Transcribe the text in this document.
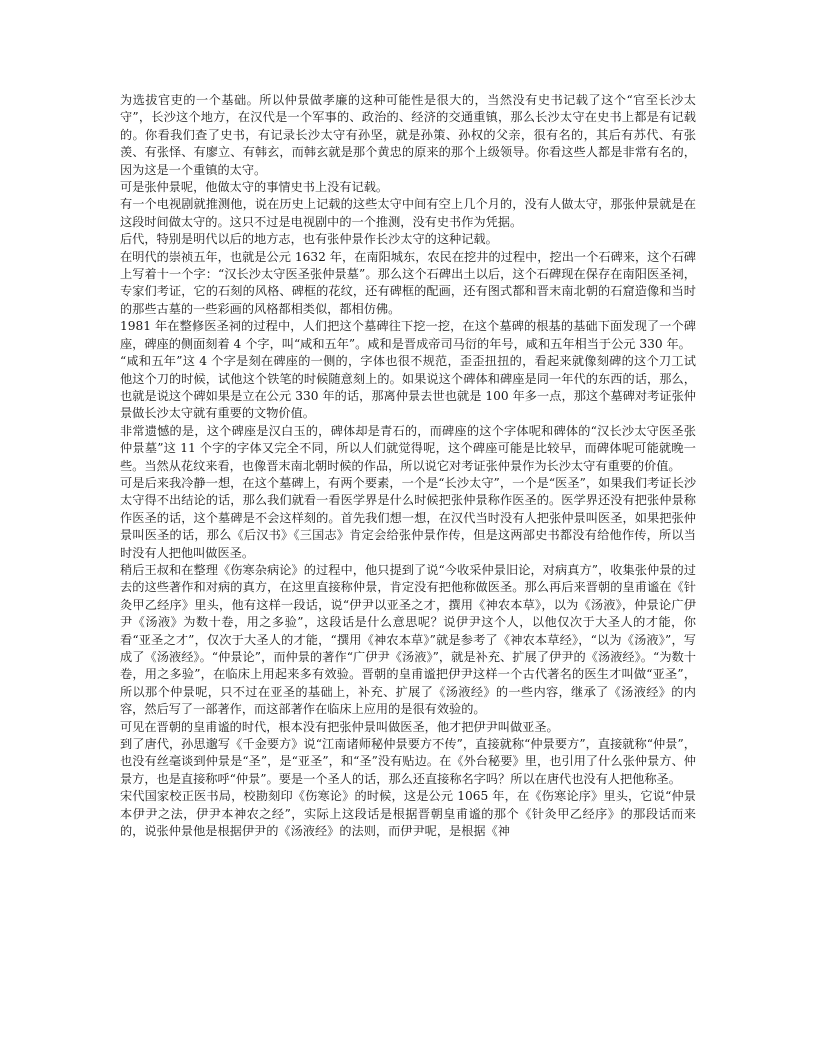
为选拔官吏的一个基础。所以仲景做孝廉的这种可能性是很大的，当然没有史书记载了这个“官至长沙太守”，长沙这个地方，在汉代是一个军事的、政治的、经济的交通重镇，那么长沙太守在史书上都是有记载的。你看我们查了史书，有记录长沙太守有孙坚，就是孙策、孙权的父亲，很有名的，其后有苏代、有张羡、有张怿、有廖立、有韩玄，而韩玄就是那个黄忠的原来的那个上级领导。你看这些人都是非常有名的，因为这是一个重镇的太守。

可是张仲景呢，他做太守的事情史书上没有记载。

有一个电视剧就推测他，说在历史上记载的这些太守中间有空上几个月的，没有人做太守，那张仲景就是在这段时间做太守的。这只不过是电视剧中的一个推测，没有史书作为凭据。

后代，特别是明代以后的地方志，也有张仲景作长沙太守的这种记载。

在明代的崇祯五年，也就是公元 1632 年，在南阳城东，农民在挖井的过程中，挖出一个石碑来，这个石碑上写着十一个字：“汉长沙太守医圣张仲景墓”。那么这个石碑出土以后，这个石碑现在保存在南阳医圣祠，专家们考证，它的石刻的风格、碑框的花纹，还有碑框的配画，还有图式都和晋末南北朝的石窟造像和当时的那些古墓的一些彩画的风格都相类似，都相仿佛。

1981 年在整修医圣祠的过程中，人们把这个墓碑往下挖一挖，在这个墓碑的根基的基础下面发现了一个碑座，碑座的侧面刻着 4 个字，叫“咸和五年”。咸和是晋成帝司马衍的年号，咸和五年相当于公元 330 年。

“咸和五年”这 4 个字是刻在碑座的一侧的，字体也很不规范，歪歪扭扭的，看起来就像刻碑的这个刀工试他这个刀的时候，试他这个铁笔的时候随意刻上的。如果说这个碑体和碑座是同一年代的东西的话，那么，也就是说这个碑如果是立在公元 330 年的话，那离仲景去世也就是 100 年多一点，那这个墓碑对考证张仲景做长沙太守就有重要的文物价值。

非常遗憾的是，这个碑座是汉白玉的，碑体却是青石的，而碑座的这个字体呢和碑体的“汉长沙太守医圣张仲景墓”这 11 个字的字体又完全不同，所以人们就觉得呢，这个碑座可能是比较早，而碑体呢可能就晚一些。当然从花纹来看，也像晋末南北朝时候的作品，所以说它对考证张仲景作为长沙太守有重要的价值。

可是后来我冷静一想，在这个墓碑上，有两个要素，一个是“长沙太守”，一个是“医圣”，如果我们考证长沙太守得不出结论的话，那么我们就看一看医学界是什么时候把张仲景称作医圣的。医学界还没有把张仲景称作医圣的话，这个墓碑是不会这样刻的。首先我们想一想，在汉代当时没有人把张仲景叫医圣，如果把张仲景叫医圣的话，那么《后汉书》《三国志》肯定会给张仲景作传，但是这两部史书都没有给他作传，所以当时没有人把他叫做医圣。

稍后王叔和在整理《伤寒杂病论》的过程中，他只提到了说“今收采仲景旧论，对病真方”，收集张仲景的过去的这些著作和对病的真方，在这里直接称仲景，肯定没有把他称做医圣。那么再后来晋朝的皇甫谧在《针灸甲乙经序》里头，他有这样一段话，说“伊尹以亚圣之才，撰用《神农本草》，以为《汤液》，仲景论广伊尹《汤液》为数十卷，用之多验”，这段话是什么意思呢？说伊尹这个人，以他仅次于大圣人的才能，你看“亚圣之才”，仅次于大圣人的才能，“撰用《神农本草》”就是参考了《神农本草经》，“以为《汤液》”，写成了《汤液经》。“仲景论”，而仲景的著作“广伊尹《汤液》”，就是补充、扩展了伊尹的《汤液经》。“为数十卷，用之多验”，在临床上用起来多有效验。晋朝的皇甫谧把伊尹这样一个古代著名的医生才叫做“亚圣”，所以那个仲景呢，只不过在亚圣的基础上，补充、扩展了《汤液经》的一些内容，继承了《汤液经》的内容，然后写了一部著作，而这部著作在临床上应用的是很有效验的。

可见在晋朝的皇甫谧的时代，根本没有把张仲景叫做医圣，他才把伊尹叫做亚圣。

到了唐代，孙思邈写《千金要方》说“江南诸师秘仲景要方不传”，直接就称“仲景要方”，直接就称“仲景”，也没有丝毫谈到仲景是“圣”，是“亚圣”，和“圣”没有贴边。在《外台秘要》里，也引用了什么张仲景方、仲景方，也是直接称呼“仲景”。要是一个圣人的话，那么还直接称名字吗？所以在唐代也没有人把他称圣。

宋代国家校正医书局，校勘刻印《伤寒论》的时候，这是公元 1065 年，在《伤寒论序》里头，它说“仲景本伊尹之法，伊尹本神农之经”，实际上这段话是根据晋朝皇甫谧的那个《针灸甲乙经序》的那段话而来的，说张仲景他是根据伊尹的《汤液经》的法则，而伊尹呢，是根据《神
